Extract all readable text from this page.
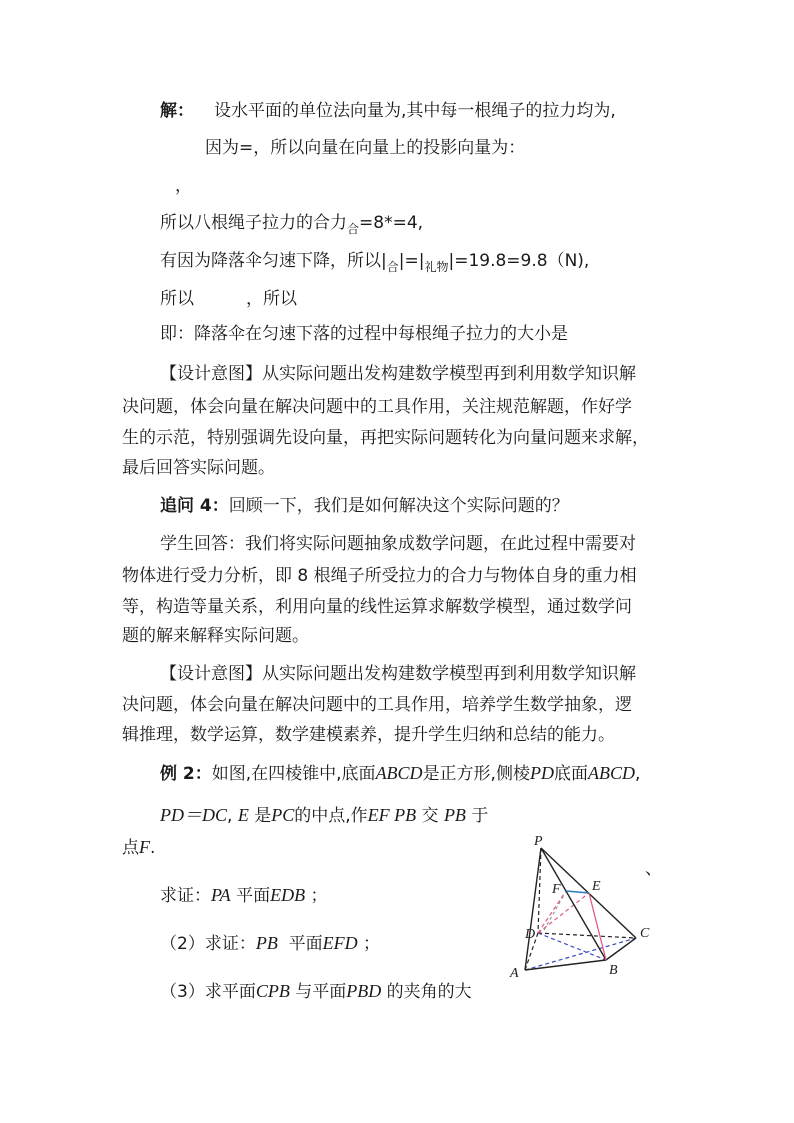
解： 设水平面的单位法向量为,其中每一根绳子的拉力均为,
因为=，所以向量在向量上的投影向量为：
，
所以八根绳子拉力的合力$_合$=8*=4,
有因为降落伞匀速下降，所以$|_合|=|_{礼物}|=19.8=9.8(N)$,
所以	，所以
即：降落伞在匀速下落的过程中每根绳子拉力的大小是
【设计意图】从实际问题出发构建数学模型再到利用数学知识解
决问题，体会向量在解决问题中的工具作用，关注规范解题，作好学
生的示范，特别强调先设向量，再把实际问题转化为向量问题来求解，
最后回答实际问题。
追问 4：回顾一下，我们是如何解决这个实际问题的？
学生回答：我们将实际问题抽象成数学问题，在此过程中需要对
物体进行受力分析，即 8 根绳子所受拉力的合力与物体自身的重力相
等，构造等量关系，利用向量的线性运算求解数学模型，通过数学问
题的解来解释实际问题。
【设计意图】从实际问题出发构建数学模型再到利用数学知识解
决问题，体会向量在解决问题中的工具作用，培养学生数学抽象，逻
辑推理，数学运算，数学建模素养，提升学生归纳和总结的能力。
例 2：如图,在四棱锥中,底面ABCD是正方形,侧棱PD底面ABCD,
PD＝DC, E 是PC的中点,作EF PB 交 PB 于
点F.
求证：PA 平面EDB ；
（2）求证：PB 平面EFD ；
（3）求平面CPB 与平面PBD 的夹角的大
、
P
F E
D	C
A	B
